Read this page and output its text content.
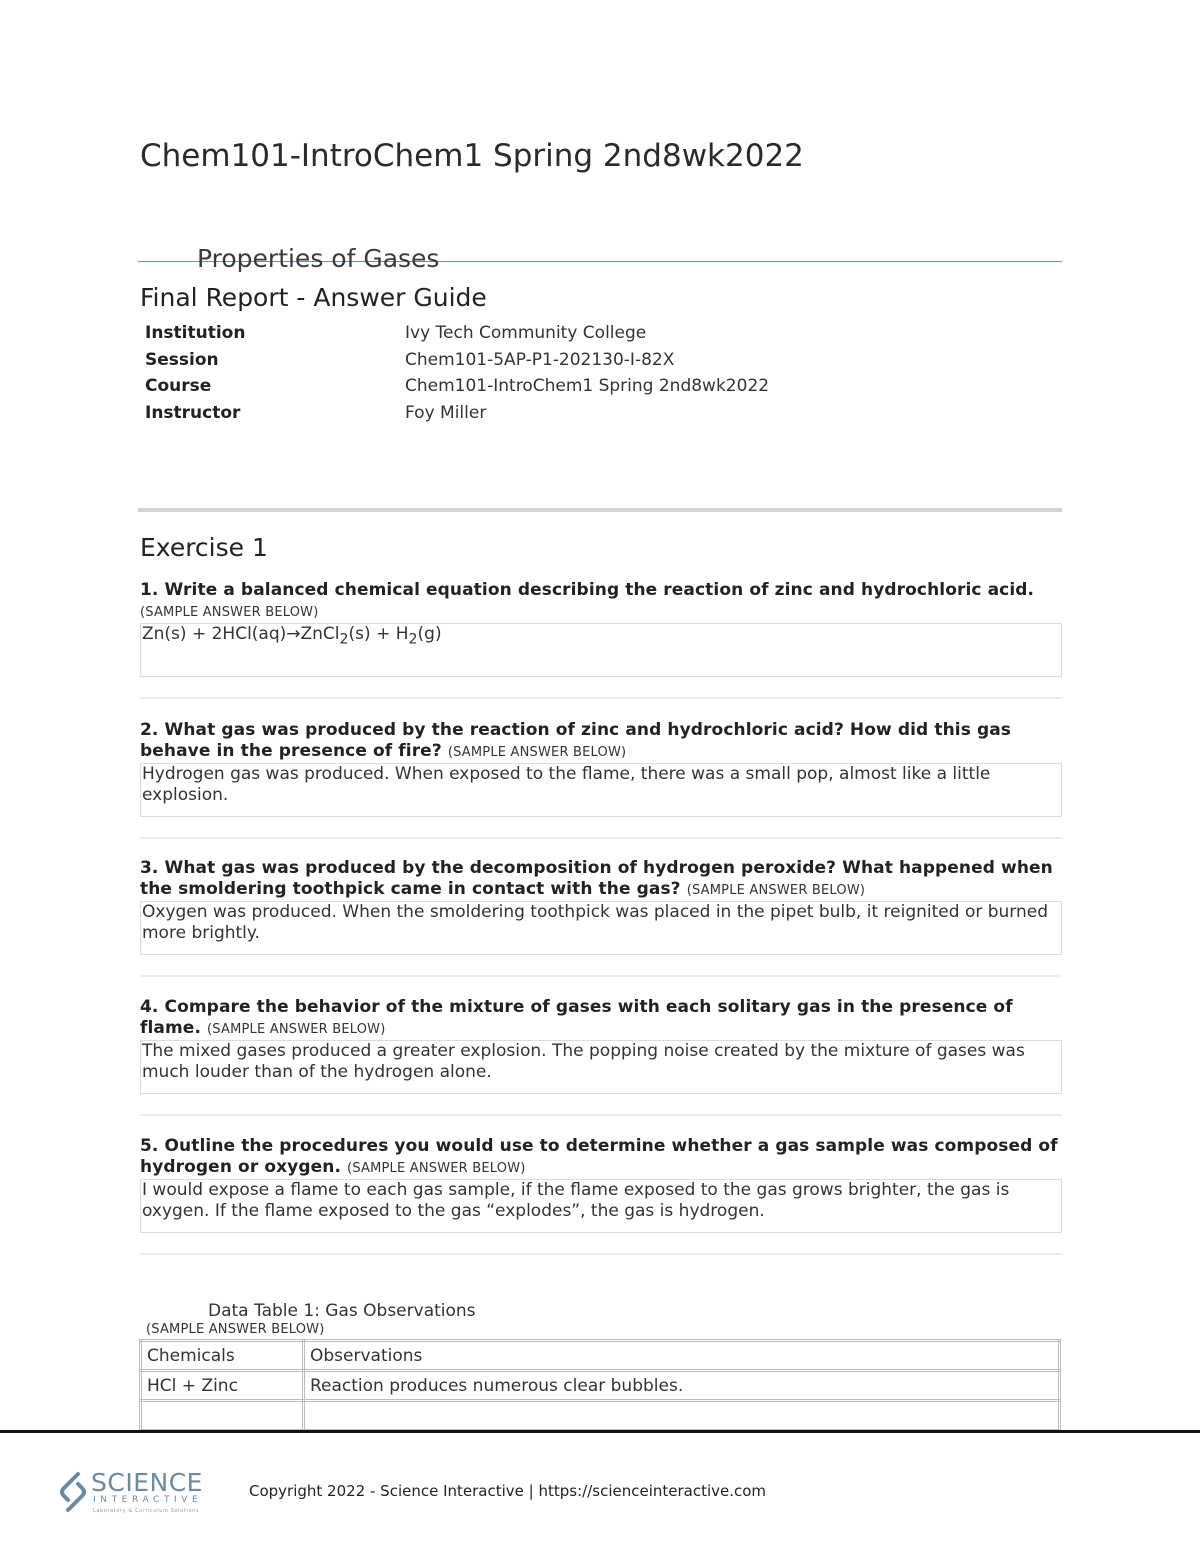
Chem101-IntroChem1 Spring 2nd8wk2022
Properties of Gases
Final Report - Answer Guide
Institution	Ivy Tech Community College
Session	Chem101-5AP-P1-202130-I-82X
Course	Chem101-IntroChem1 Spring 2nd8wk2022
Instructor	Foy Miller
Exercise 1
1. Write a balanced chemical equation describing the reaction of zinc and hydrochloric acid. (SAMPLE ANSWER BELOW)
Zn(s) + 2HCl(aq)→ZnCl$_2$(s) + $H_2(g)$
2. What gas was produced by the reaction of zinc and hydrochloric acid? How did this gas behave in the presence of fire? (SAMPLE ANSWER BELOW)
Hydrogen gas was produced. When exposed to the flame, there was a small pop, almost like a little explosion.
3. What gas was produced by the decomposition of hydrogen peroxide? What happened when the smoldering toothpick came in contact with the gas? (SAMPLE ANSWER BELOW)
Oxygen was produced. When the smoldering toothpick was placed in the pipet bulb, it reignited or burned more brightly.
4. Compare the behavior of the mixture of gases with each solitary gas in the presence of flame. (SAMPLE ANSWER BELOW)
The mixed gases produced a greater explosion. The popping noise created by the mixture of gases was much louder than of the hydrogen alone.
5. Outline the procedures you would use to determine whether a gas sample was composed of hydrogen or oxygen. (SAMPLE ANSWER BELOW)
I would expose a flame to each gas sample, if the flame exposed to the gas grows brighter, the gas is oxygen. If the flame exposed to the gas “explodes”, the gas is hydrogen.
Data Table 1: Gas Observations
(SAMPLE ANSWER BELOW)
Chemicals	Observations
HCl + Zinc	Reaction produces numerous clear bubbles.

SCIENCE
INTERACTIVE
Laboratory & Curriculum Solutions
Copyright 2022 - Science Interactive | https://scienceinteractive.com
